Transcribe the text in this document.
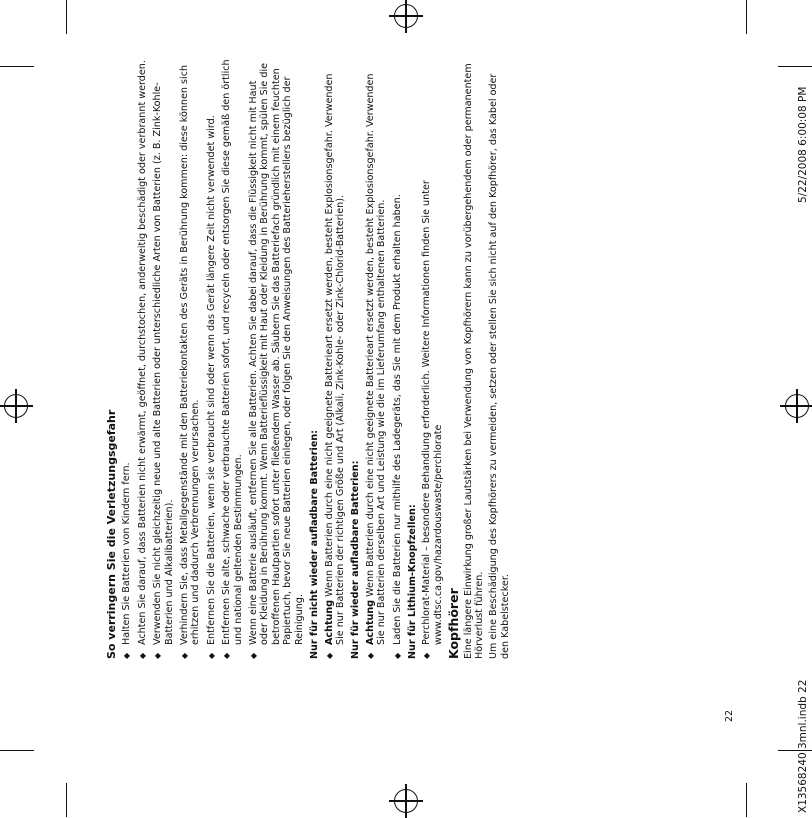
So verringern Sie die Verletzungsgefahr ◆ Halten Sie Batterien von Kindern fern. ◆ Achten Sie darauf, dass Batterien nicht erwärmt, geöffnet, durchstochen, anderweitig beschädigt oder verbrannt werden. ◆ Verwenden Sie nicht gleichzeitig neue und alte Batterien oder unterschiedliche Arten von Batterien (z. B. Zink-Kohle-Batterien und Alkalibatterien). ◆ Verhindern Sie, dass Metallgegenstände mit den Batteriekontakten des Geräts in Berührung kommen: diese können sich erhitzen und dadurch Verbrennungen verursachen. ◆ Entfernen Sie die Batterien, wenn sie verbraucht sind oder wenn das Gerät längere Zeit nicht verwendet wird. ◆ Entfernen Sie alte, schwache oder verbrauchte Batterien sofort, und recyceln oder entsorgen Sie diese gemäß den örtlich und national geltenden Bestimmungen. ◆ Wenn eine Batterie ausläuft, entfernen Sie alle Batterien. Achten Sie dabei darauf, dass die Flüssigkeit nicht mit Haut oder Kleidung in Berührung kommt. Wenn Batterieflüssigkeit mit Haut oder Kleidung in Berührung kommt, spülen Sie die betroffenen Hautpartien sofort unter fließendem Wasser ab. Säubern Sie das Batteriefach gründlich mit einem feuchten Papiertuch, bevor Sie neue Batterien einlegen, oder folgen Sie den Anweisungen des Batterieherstellers bezüglich der Reinigung. Nur für nicht wieder aufladbare Batterien: ◆ Achtung Wenn Batterien durch eine nicht geeignete Batterieart ersetzt werden, besteht Explosionsgefahr. Verwenden Sie nur Batterien der richtigen Größe und Art (Alkali, Zink-Kohle- oder Zink-Chlorid-Batterien). Nur für wieder aufladbare Batterien: ◆ Achtung Wenn Batterien durch eine nicht geeignete Batterieart ersetzt werden, besteht Explosionsgefahr. Verwenden Sie nur Batterien derselben Art und Leistung wie die im Lieferumfang enthaltenen Batterien. ◆ Laden Sie die Batterien nur mithilfe des Ladegeräts, das Sie mit dem Produkt erhalten haben. Nur für Lithium-Knopfzellen: ◆ Perchlorat-Material – besondere Behandlung erforderlich. Weitere Informationen finden Sie unter www.dtsc.ca.gov/hazardouswaste/perchlorate Kopfhörer Eine längere Einwirkung großer Lautstärken bei Verwendung von Kopfhörern kann zu vorübergehendem oder permanentem Hörverlust führen. Um eine Beschädigung des Kopfhörers zu vermeiden, setzen oder stellen Sie sich nicht auf den Kopfhörer, das Kabel oder den Kabelstecker.

22	X13568240 3mnl.indb 22
5/22/2008 6:00:08 PM
